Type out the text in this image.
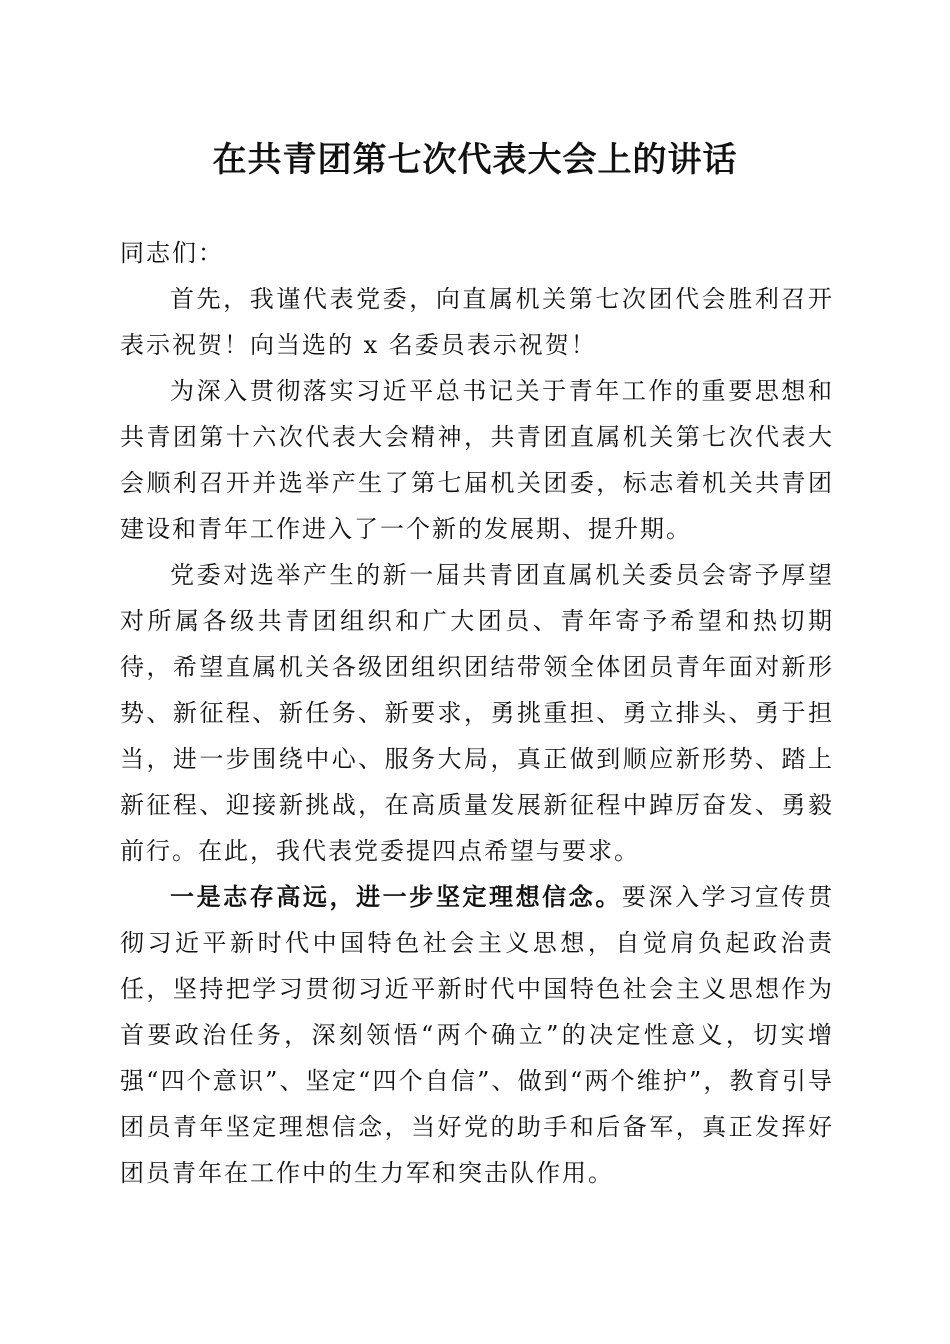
在共青团第七次代表大会上的讲话

同志们：

首先，我谨代表党委，向直属机关第七次团代会胜利召开表示祝贺！向当选的 x 名委员表示祝贺！

为深入贯彻落实习近平总书记关于青年工作的重要思想和共青团第十六次代表大会精神，共青团直属机关第七次代表大会顺利召开并选举产生了第七届机关团委，标志着机关共青团建设和青年工作进入了一个新的发展期、提升期。

党委对选举产生的新一届共青团直属机关委员会寄予厚望对所属各级共青团组织和广大团员、青年寄予希望和热切期待，希望直属机关各级团组织团结带领全体团员青年面对新形势、新征程、新任务、新要求，勇挑重担、勇立排头、勇于担当，进一步围绕中心、服务大局，真正做到顺应新形势、踏上新征程、迎接新挑战，在高质量发展新征程中踔厉奋发、勇毅前行。在此，我代表党委提四点希望与要求。

一是志存高远，进一步坚定理想信念。要深入学习宣传贯彻习近平新时代中国特色社会主义思想，自觉肩负起政治责任，坚持把学习贯彻习近平新时代中国特色社会主义思想作为首要政治任务，深刻领悟“两个确立”的决定性意义，切实增强“四个意识”、坚定“四个自信”、做到“两个维护”，教育引导团员青年坚定理想信念，当好党的助手和后备军，真正发挥好团员青年在工作中的生力军和突击队作用。
